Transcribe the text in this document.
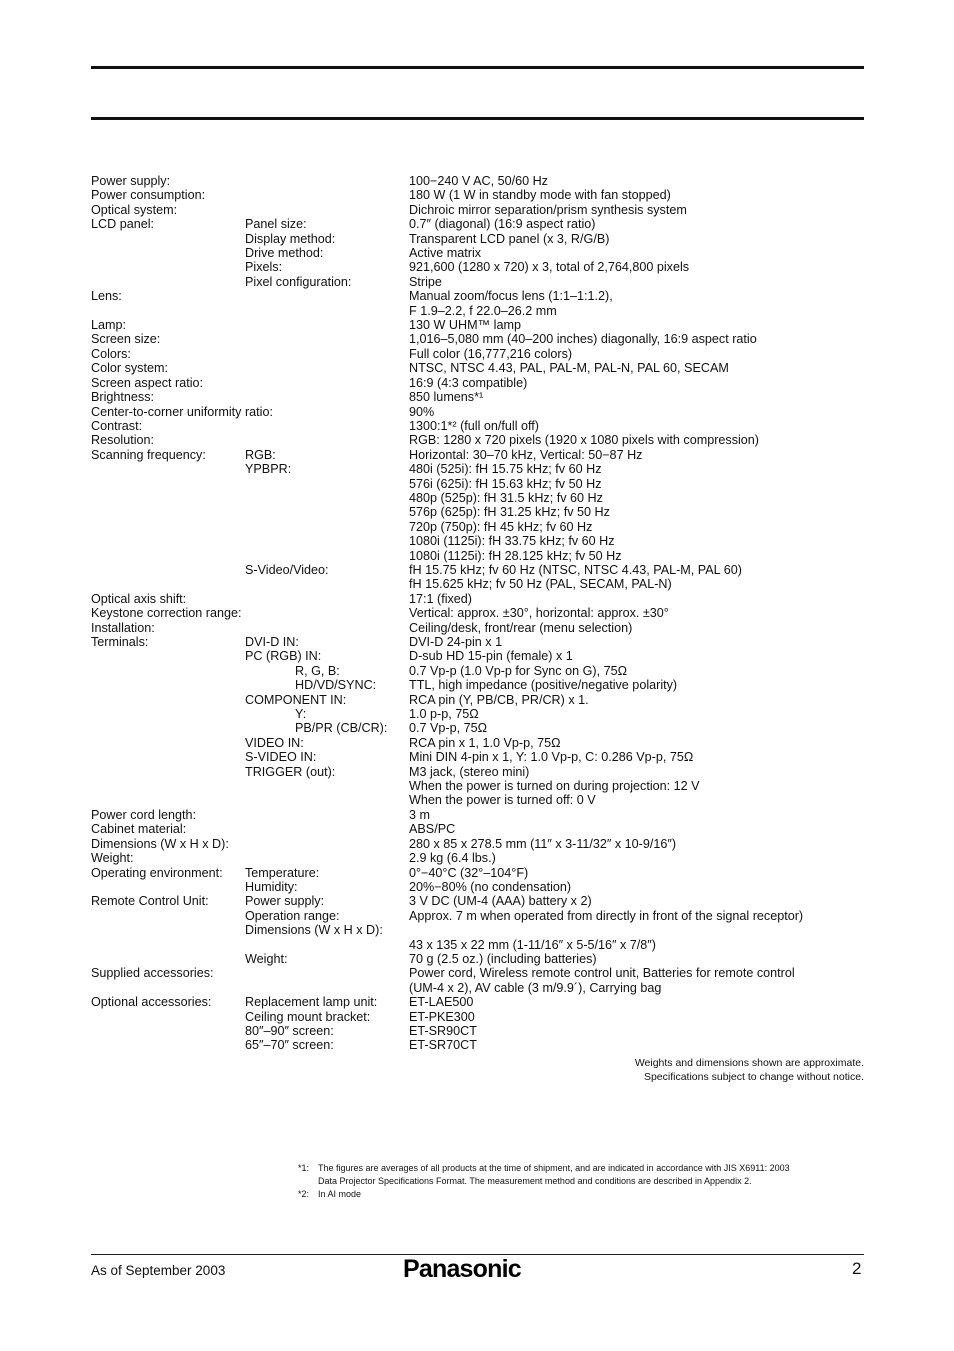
Power supply:	100−240 V AC, 50/60 Hz
Power consumption:	180 W (1 W in standby mode with fan stopped)
Optical system:	Dichroic mirror separation/prism synthesis system
LCD panel:	Panel size:	0.7″ (diagonal) (16:9 aspect ratio)
Display method:	Transparent LCD panel (x 3, R/G/B)
Drive method:	Active matrix
Pixels:	921,600 (1280 x 720) x 3, total of 2,764,800 pixels
Pixel configuration:	Stripe
Lens:	Manual zoom/focus lens (1:1–1:1.2),
F 1.9–2.2, f 22.0–26.2 mm
Lamp:	130 W UHM™ lamp
Screen size:	1,016–5,080 mm (40–200 inches) diagonally, 16:9 aspect ratio
Colors:	Full color (16,777,216 colors)
Color system:	NTSC, NTSC 4.43, PAL, PAL-M, PAL-N, PAL 60, SECAM
Screen aspect ratio:	16:9 (4:3 compatible)
Brightness:	850 lumens*¹
Center-to-corner uniformity ratio:	90%
Contrast:	1300:1*² (full on/full off)
Resolution:	RGB: 1280 x 720 pixels (1920 x 1080 pixels with compression)
Scanning frequency:	RGB:	Horizontal: 30–70 kHz, Vertical: 50−87 Hz
YPBPR:	480i (525i): fH 15.75 kHz; fv 60 Hz
576i (625i): fH 15.63 kHz; fv 50 Hz
480p (525p): fH 31.5 kHz; fv 60 Hz
576p (625p): fH 31.25 kHz; fv 50 Hz
720p (750p): fH 45 kHz; fv 60 Hz
1080i (1125i): fH 33.75 kHz; fv 60 Hz
1080i (1125i): fH 28.125 kHz; fv 50 Hz
S-Video/Video:	fH 15.75 kHz; fv 60 Hz (NTSC, NTSC 4.43, PAL-M, PAL 60)
fH 15.625 kHz; fv 50 Hz (PAL, SECAM, PAL-N)
Optical axis shift:	17:1 (fixed)
Keystone correction range:	Vertical: approx. ±30°, horizontal: approx. ±30°
Installation:	Ceiling/desk, front/rear (menu selection)
Terminals:	DVI-D IN:	DVI-D 24-pin x 1
PC (RGB) IN:	D-sub HD 15-pin (female) x 1
R, G, B:	0.7 Vp-p (1.0 Vp-p for Sync on G), 75Ω
HD/VD/SYNC:	TTL, high impedance (positive/negative polarity)
COMPONENT IN:	RCA pin (Y, PB/CB, PR/CR) x 1.
Y:	1.0 p-p, 75Ω
PB/PR (CB/CR):	0.7 Vp-p, 75Ω
VIDEO IN:	RCA pin x 1, 1.0 Vp-p, 75Ω
S-VIDEO IN:	Mini DIN 4-pin x 1, Y: 1.0 Vp-p, C: 0.286 Vp-p, 75Ω
TRIGGER (out):	M3 jack, (stereo mini)
When the power is turned on during projection: 12 V
When the power is turned off: 0 V
Power cord length:	3 m
Cabinet material:	ABS/PC
Dimensions (W x H x D):	280 x 85 x 278.5 mm (11″ x 3-11/32″ x 10-9/16″)
Weight:	2.9 kg (6.4 lbs.)
Operating environment:	Temperature:	0°−40°C (32°–104°F)
Humidity:	20%−80% (no condensation)
Remote Control Unit:	Power supply:	3 V DC (UM-4 (AAA) battery x 2)
Operation range:	Approx. 7 m when operated from directly in front of the signal receptor)
Dimensions (W x H x D):
43 x 135 x 22 mm (1-11/16″ x 5-5/16″ x 7/8″)
Weight:	70 g (2.5 oz.) (including batteries)
Supplied accessories:	Power cord, Wireless remote control unit, Batteries for remote control
(UM-4 x 2), AV cable (3 m/9.9´), Carrying bag
Optional accessories:	Replacement lamp unit:	ET-LAE500
Ceiling mount bracket:	ET-PKE300
80″–90″ screen:	ET-SR90CT
65″–70″ screen:	ET-SR70CT
Weights and dimensions shown are approximate.
Specifications subject to change without notice.
*1: The figures are averages of all products at the time of shipment, and are indicated in accordance with JIS X6911: 2003
Data Projector Specifications Format. The measurement method and conditions are described in Appendix 2.
*2: In AI mode
As of September 2003	Panasonic	2
